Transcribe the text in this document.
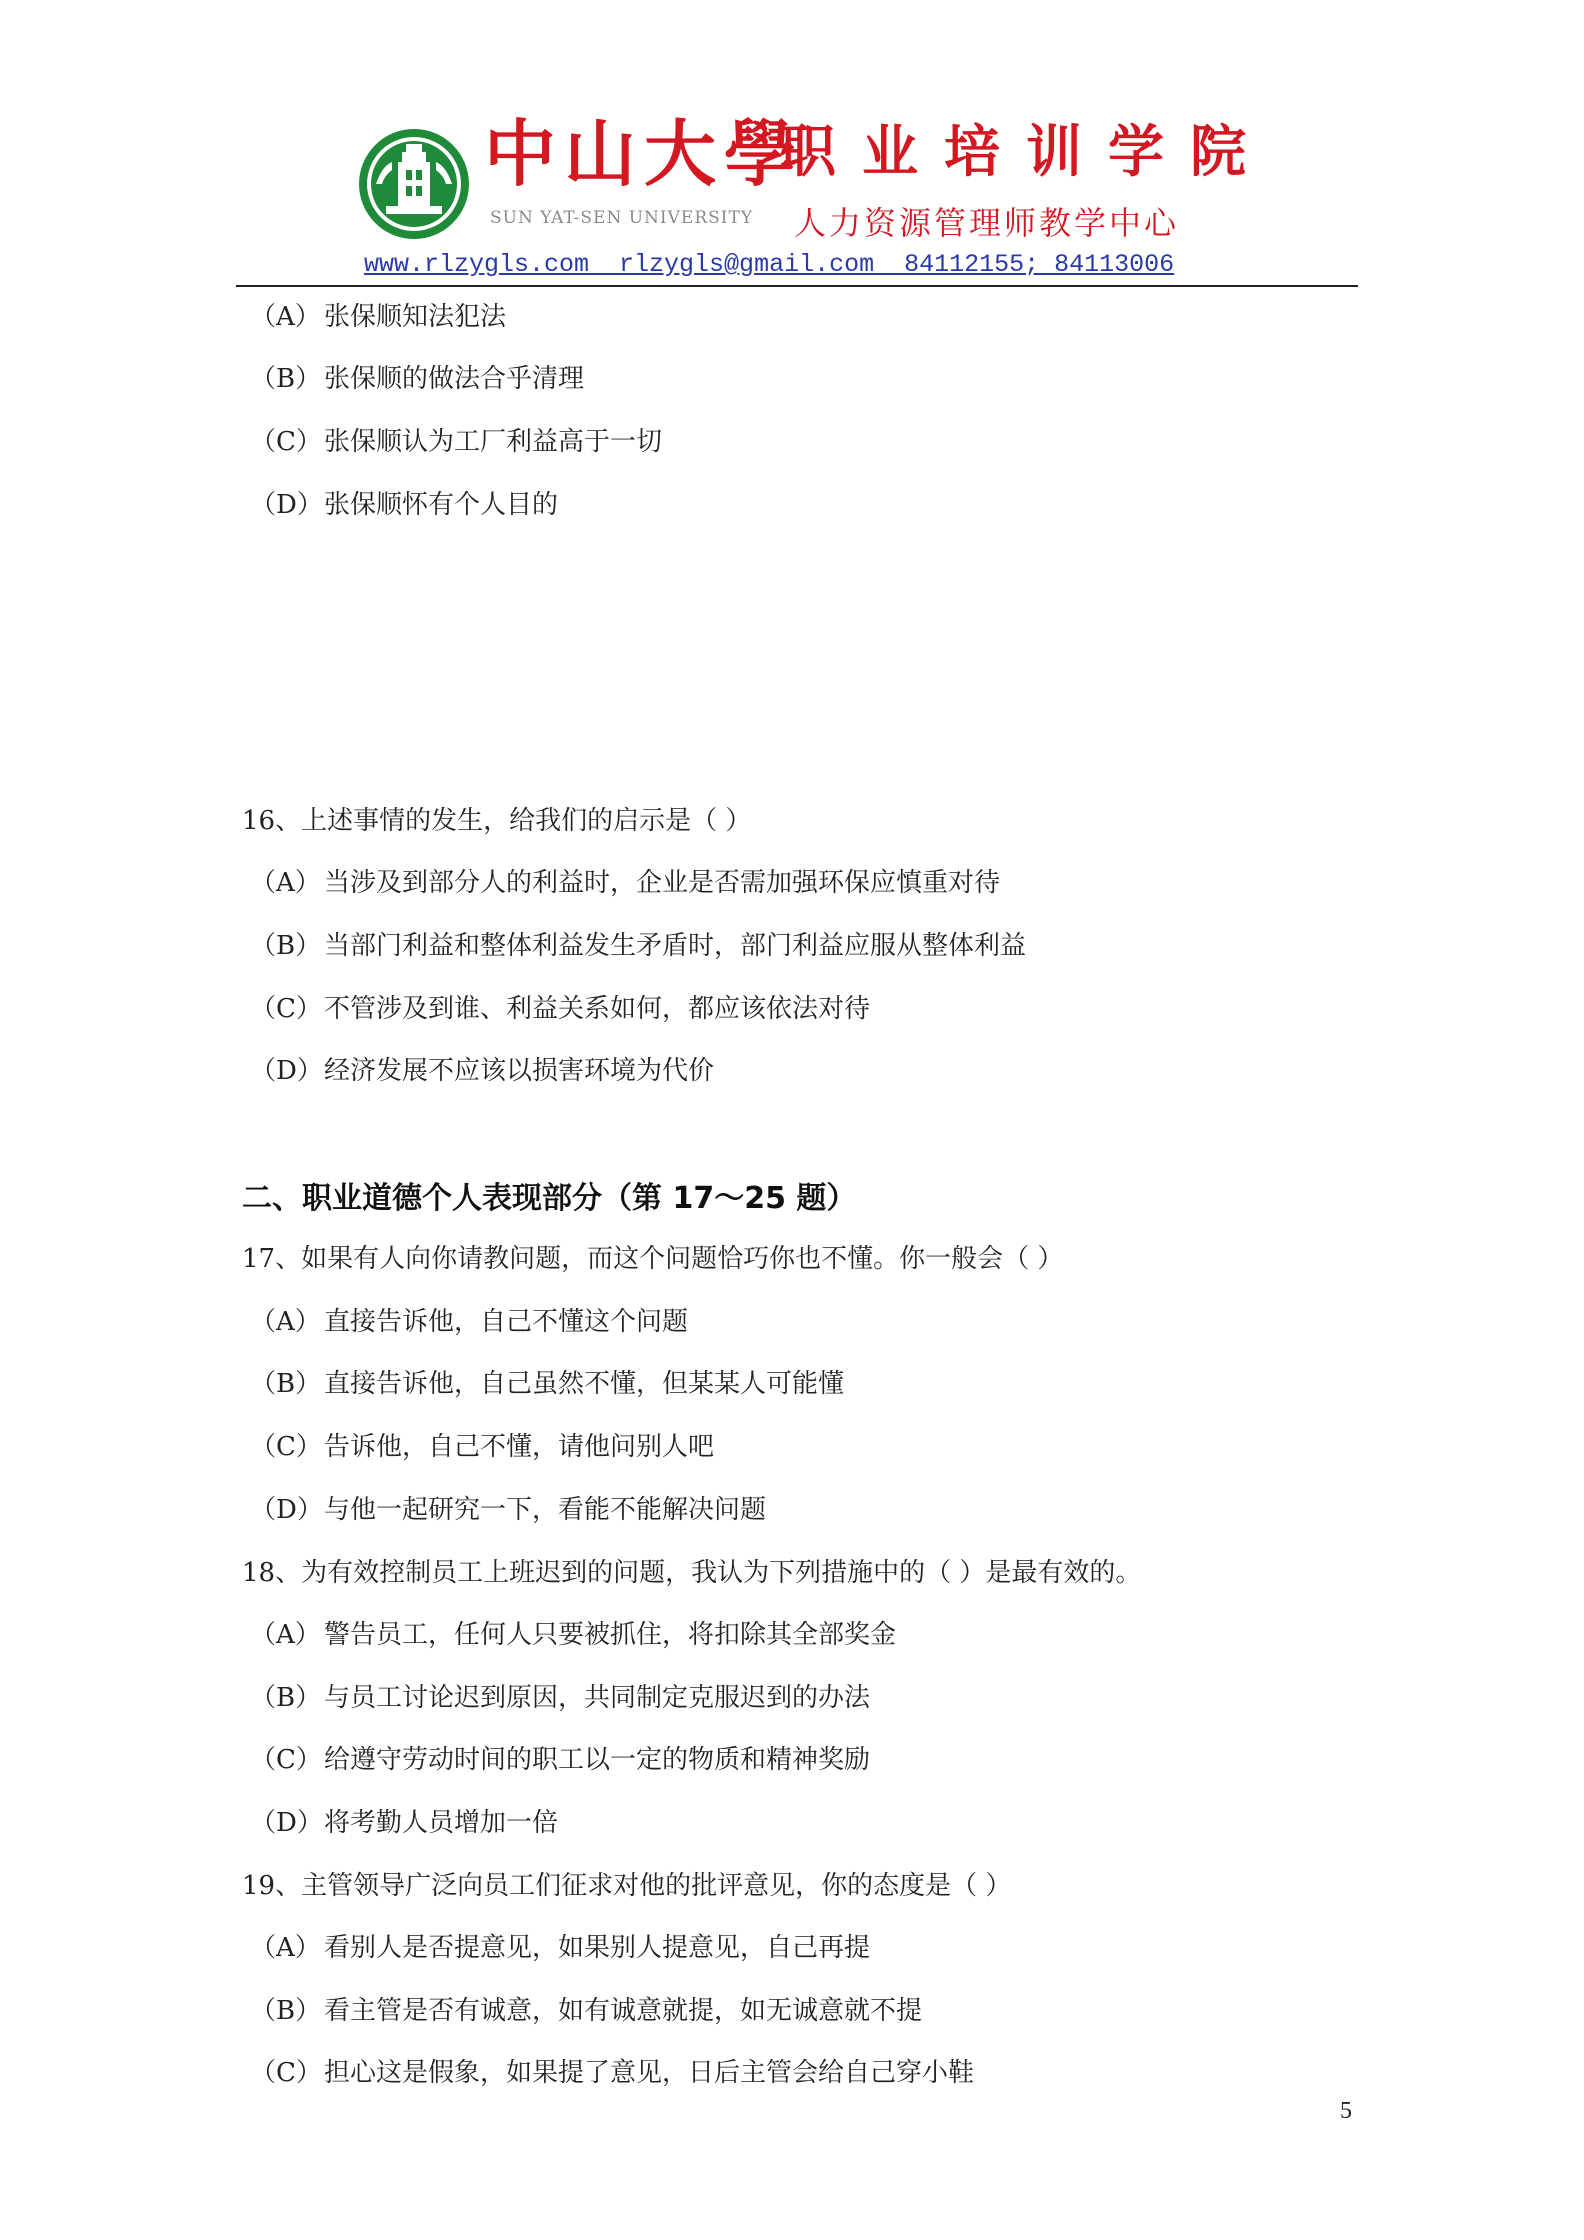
中山大學
职业培训学院
SUN YAT-SEN UNIVERSITY 人力资源管理师教学中心
www.rlzygls.com  rlzygls@gmail.com  84112155; 84113006
（A） 张保顺知法犯法
（B） 张保顺的做法合乎清理
（C）张保顺认为工厂利益高于一切
（D）张保顺怀有个人目的
16、上述事情的发生，给我们的启示是（ ）
（A） 当涉及到部分人的利益时，企业是否需加强环保应慎重对待
（B） 当部门利益和整体利益发生矛盾时，部门利益应服从整体利益
（C）不管涉及到谁、利益关系如何，都应该依法对待
（D）经济发展不应该以损害环境为代价
二、职业道德个人表现部分（第 17～25 题）
17、如果有人向你请教问题，而这个问题恰巧你也不懂。你一般会（ ）
（A） 直接告诉他，自己不懂这个问题
（B） 直接告诉他，自己虽然不懂，但某某人可能懂
（C）告诉他，自己不懂，请他问别人吧
（D）与他一起研究一下，看能不能解决问题
18、为有效控制员工上班迟到的问题，我认为下列措施中的（ ）是最有效的。
（A） 警告员工，任何人只要被抓住，将扣除其全部奖金
（B） 与员工讨论迟到原因，共同制定克服迟到的办法
（C）给遵守劳动时间的职工以一定的物质和精神奖励
（D）将考勤人员增加一倍
19、主管领导广泛向员工们征求对他的批评意见，你的态度是（ ）
（A） 看别人是否提意见，如果别人提意见，自己再提
（B） 看主管是否有诚意，如有诚意就提，如无诚意就不提
（C）担心这是假象，如果提了意见，日后主管会给自己穿小鞋
5
